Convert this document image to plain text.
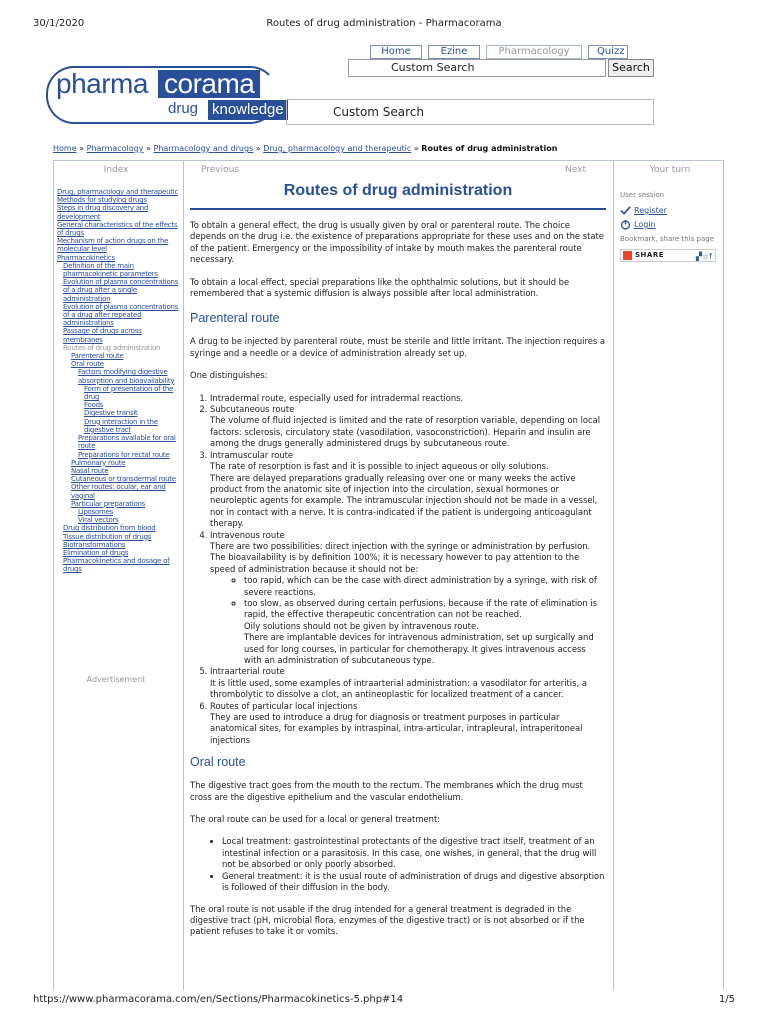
30/1/2020	Routes of drug administration - Pharmacorama
Home	Ezine	Pharmacology	Quizz
Custom Search	Search
pharma corama
drug knowledge	Custom Search
Home » Pharmacology » Pharmacology and drugs » Drug, pharmacology and therapeutic » Routes of drug administration
Index
Drug, pharmacology and therapeutic
Methods for studying drugs
Steps in drug discovery and development
General characteristics of the effects of drugs
Mechanism of action drugs on the molecular level
Pharmacokinetics
Definition of the main pharmacokinetic parameters
Evolution of plasma concentrations of a drug after a single administration
Evolution of plasma concentrations of a drug after repeated administrations
Passage of drugs across membranes
Routes of drug administration
Parenteral route
Oral route
Factors modifying digestive absorption and bioavailability
Form of presentation of the drug
Foods
Digestive transit
Drug interaction in the digestive tract
Preparations available for oral route
Preparations for rectal route
Pulmonary route
Nasal route
Cutaneous or transdermal route
Other routes: ocular, ear and vaginal
Particular preparations
Liposomes
Viral vectors
Drug distribution from blood
Tissue distribution of drugs
Biotransformations
Elimination of drugs
Pharmacokinetics and dosage of drugs
Advertisement
Previous	Next
Routes of drug administration

To obtain a general effect, the drug is usually given by oral or parenteral route. The choice depends on the drug i.e. the existence of preparations appropriate for these uses and on the state of the patient. Emergency or the impossibility of intake by mouth makes the parenteral route necessary.

To obtain a local effect, special preparations like the ophthalmic solutions, but it should be remembered that a systemic diffusion is always possible after local administration.

Parenteral route

A drug to be injected by parenteral route, must be sterile and little irritant. The injection requires a syringe and a needle or a device of administration already set up.

One distinguishes:

1. Intradermal route, especially used for intradermal reactions.
2. Subcutaneous route
The volume of fluid injected is limited and the rate of resorption variable, depending on local factors: sclerosis, circulatory state (vasodilation, vasoconstriction). Heparin and insulin are among the drugs generally administered drugs by subcutaneous route.
3. Intramuscular route
The rate of resorption is fast and it is possible to inject aqueous or oily solutions.
There are delayed preparations gradually releasing over one or many weeks the active product from the anatomic site of injection into the circulation, sexual hormones or neuroleptic agents for example. The intramuscular injection should not be made in a vessel, nor in contact with a nerve. It is contra-indicated if the patient is undergoing anticoagulant therapy.
4. Intravenous route
There are two possibilities: direct injection with the syringe or administration by perfusion.
The bioavailability is by definition 100%; it is necessary however to pay attention to the speed of administration because it should not be:
◦ too rapid, which can be the case with direct administration by a syringe, with risk of severe reactions.
◦ too slow, as observed during certain perfusions, because if the rate of elimination is rapid, the effective therapeutic concentration can not be reached.
Oily solutions should not be given by intravenous route.
There are implantable devices for intravenous administration, set up surgically and used for long courses, in particular for chemotherapy. It gives intravenous access with an administration of subcutaneous type.
5. Intraarterial route
It is little used, some examples of intraarterial administration: a vasodilator for arteritis, a thrombolytic to dissolve a clot, an antineoplastic for localized treatment of a cancer.
6. Routes of particular local injections
They are used to introduce a drug for diagnosis or treatment purposes in particular anatomical sites, for examples by intraspinal, intra-articular, intrapleural, intraperitoneal injections
Oral route

The digestive tract goes from the mouth to the rectum. The membranes which the drug must cross are the digestive epithelium and the vascular endothelium.

The oral route can be used for a local or general treatment:

• Local treatment: gastrointestinal protectants of the digestive tract itself, treatment of an intestinal infection or a parasitosis. In this case, one wishes, in general, that the drug will not be absorbed or only poorly absorbed.
• General treatment: it is the usual route of administration of drugs and digestive absorption is followed of their diffusion in the body.

The oral route is not usable if the drug intended for a general treatment is degraded in the digestive tract (pH, microbial flora, enzymes of the digestive tract) or is not absorbed or if the patient refuses to take it or vomits.

Your turn
User session
Register
Login
Bookmark, share this page
SHARE	▞☆f
https://www.pharmacorama.com/en/Sections/Pharmacokinetics-5.php#14	1/5
